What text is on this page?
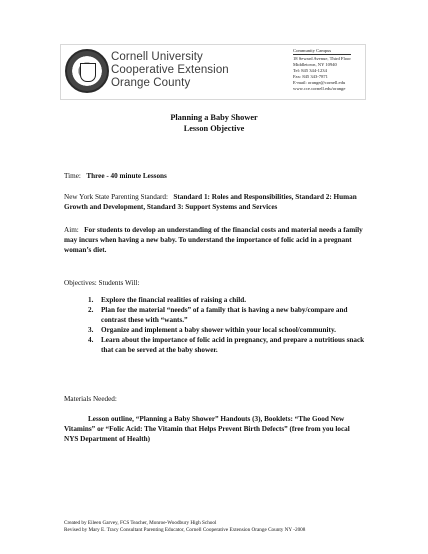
Cornell University
Cooperative Extension
Orange County
Community Campus
18 Seward Avenue, Third Floor
Middletown, NY 10940
Tel: 845 344-1234
Fax: 845 343-7871
E-mail: orange@cornell.edu
www.cce.cornell.edu/orange
Planning a Baby Shower
Lesson Objective
Time: Three - 40 minute Lessons
New York State Parenting Standard: Standard 1: Roles and Responsibilities, Standard 2: Human Growth and Development, Standard 3: Support Systems and Services
Aim: For students to develop an understanding of the financial costs and material needs a family may incurs when having a new baby. To understand the importance of folic acid in a pregnant woman’s diet.
Objectives: Students Will:
1. Explore the financial realities of raising a child.
2. Plan for the material “needs” of a family that is having a new baby/compare and contrast these with “wants.”
3. Organize and implement a baby shower within your local school/community.
4. Learn about the importance of folic acid in pregnancy, and prepare a nutritious snack that can be served at the baby shower.
Materials Needed:
Lesson outline, “Planning a Baby Shower” Handouts (3), Booklets: “The Good New Vitamins” or “Folic Acid: The Vitamin that Helps Prevent Birth Defects” (free from you local NYS Department of Health)
Created by Eileen Garvey, FCS Teacher, Monroe-Woodbury High School
Revised by Mary E. Tracy Consultant Parenting Educator, Cornell Cooperative Extension Orange County NY -2008
